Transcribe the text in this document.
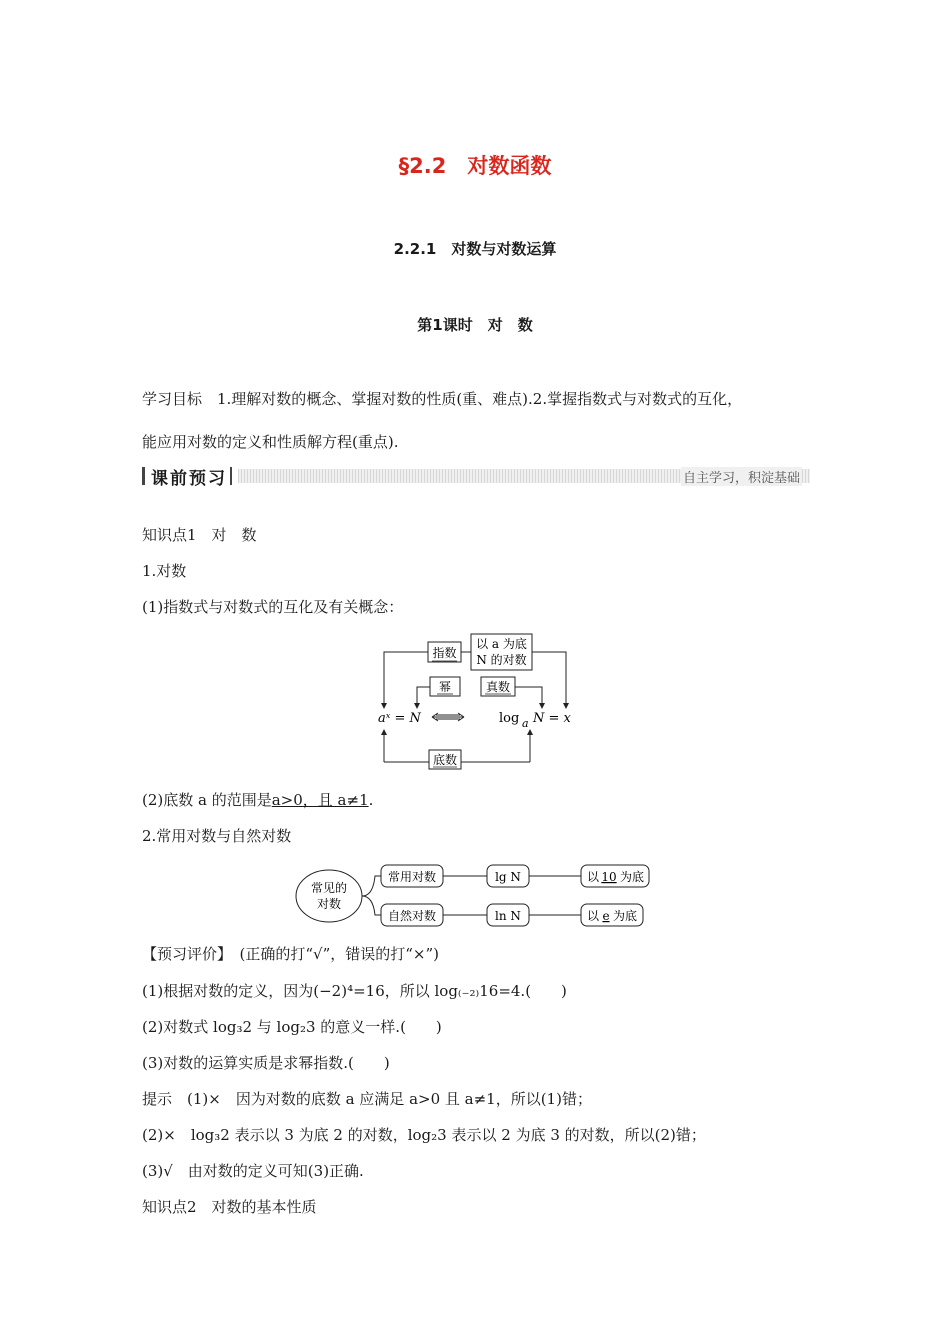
§2.2　对数函数
2.2.1　对数与对数运算
第1课时　对　数
学习目标　1.理解对数的概念、掌握对数的性质(重、难点).2.掌握指数式与对数式的互化，
能应用对数的定义和性质解方程(重点).
课前预习	自主学习，积淀基础
知识点1　对　数
1.对数
(1)指数式与对数式的互化及有关概念：
指数
以 a 为底
N 的对数
幂	真数
aˣ = N	log a N = x
底数
(2)底数 a 的范围是a>0，且 a≠1.
2.常用对数与自然对数
常见的
对数
常用对数	lg N	以 10 为底
自然对数	ln N	以 e 为底
【预习评价】　(正确的打“√”，错误的打“×”)
(1)根据对数的定义，因为(−2)⁴=16，所以 log₍₋₂₎16=4.(　　)
(2)对数式 log₃2 与 log₂3 的意义一样.(　　)
(3)对数的运算实质是求幂指数.(　　)
提示　(1)×　因为对数的底数 a 应满足 a>0 且 a≠1，所以(1)错；
(2)×　log₃2 表示以 3 为底 2 的对数，log₂3 表示以 2 为底 3 的对数，所以(2)错；
(3)√　由对数的定义可知(3)正确.
知识点2　对数的基本性质
